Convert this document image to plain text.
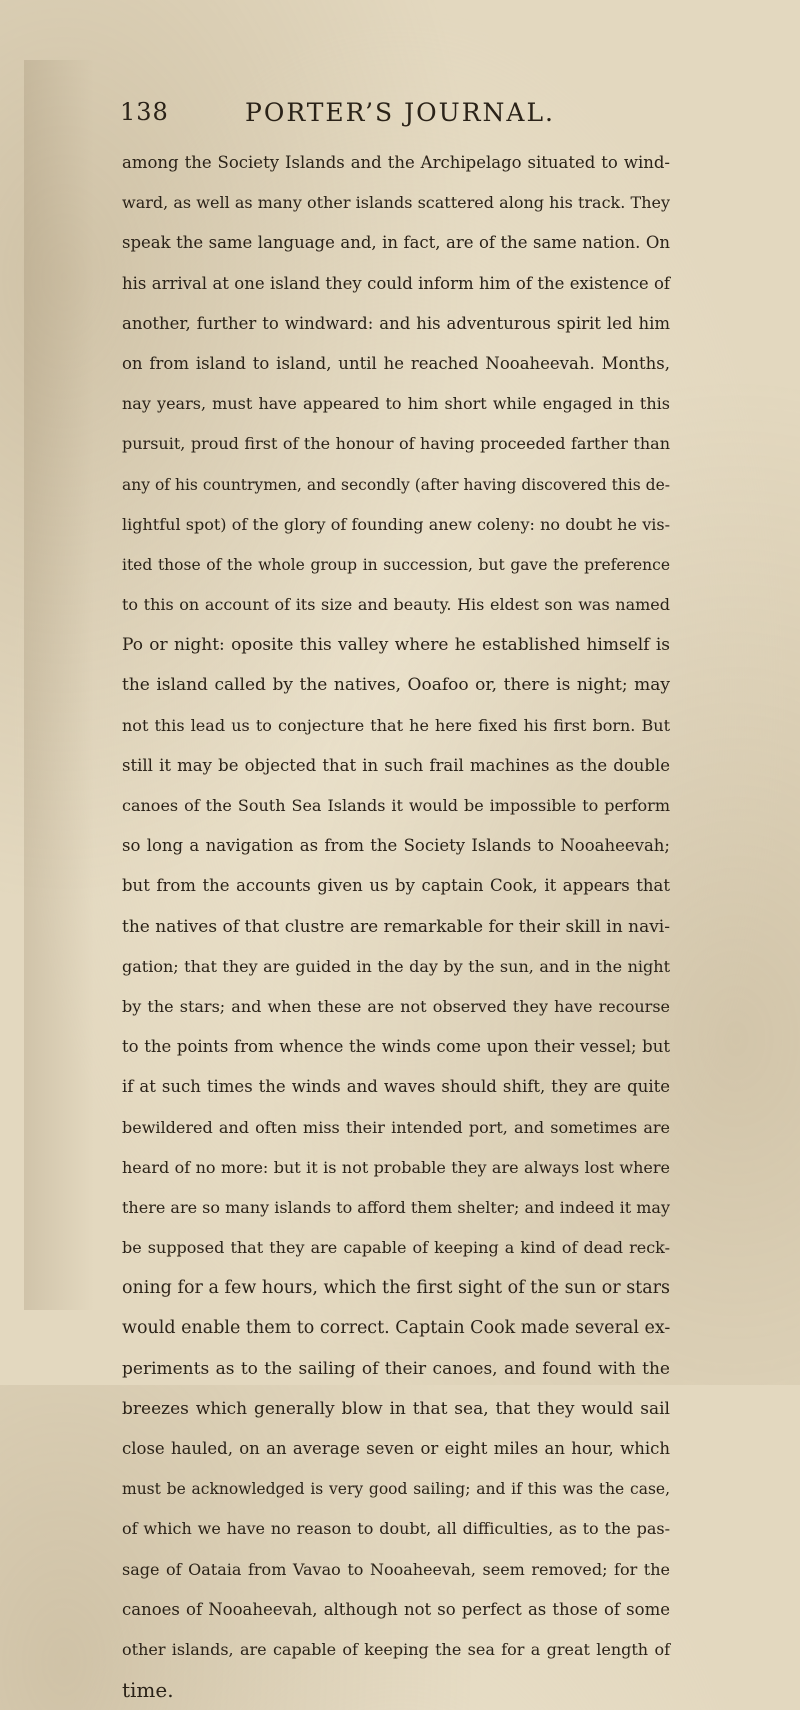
138	PORTER’S JOURNAL.
among the Society Islands and the Archipelago situated to wind-
ward, as well as many other islands scattered along his track. They
speak the same language and, in fact, are of the same nation. On
his arrival at one island they could inform him of the existence of
another, further to windward: and his adventurous spirit led him
on from island to island, until he reached Nooaheevah. Months,
nay years, must have appeared to him short while engaged in this
pursuit, proud first of the honour of having proceeded farther than
any of his countrymen, and secondly (after having discovered this de-
lightful spot) of the glory of founding anew coleny: no doubt he vis-
ited those of the whole group in succession, but gave the preference
to this on account of its size and beauty. His eldest son was named
Po or night: oposite this valley where he established himself is
the island called by the natives, Ooafoo or, there is night; may
not this lead us to conjecture that he here fixed his first born. But
still it may be objected that in such frail machines as the double
canoes of the South Sea Islands it would be impossible to perform
so long a navigation as from the Society Islands to Nooaheevah;
but from the accounts given us by captain Cook, it appears that
the natives of that clustre are remarkable for their skill in navi-
gation; that they are guided in the day by the sun, and in the night
by the stars; and when these are not observed they have recourse
to the points from whence the winds come upon their vessel; but
if at such times the winds and waves should shift, they are quite
bewildered and often miss their intended port, and sometimes are
heard of no more: but it is not probable they are always lost where
there are so many islands to afford them shelter; and indeed it may
be supposed that they are capable of keeping a kind of dead reck-
oning for a few hours, which the first sight of the sun or stars
would enable them to correct. Captain Cook made several ex-
periments as to the sailing of their canoes, and found with the
breezes which generally blow in that sea, that they would sail
close hauled, on an average seven or eight miles an hour, which
must be acknowledged is very good sailing; and if this was the case,
of which we have no reason to doubt, all difficulties, as to the pas-
sage of Oataia from Vavao to Nooaheevah, seem removed; for the
canoes of Nooaheevah, although not so perfect as those of some
other islands, are capable of keeping the sea for a great length of
time.
